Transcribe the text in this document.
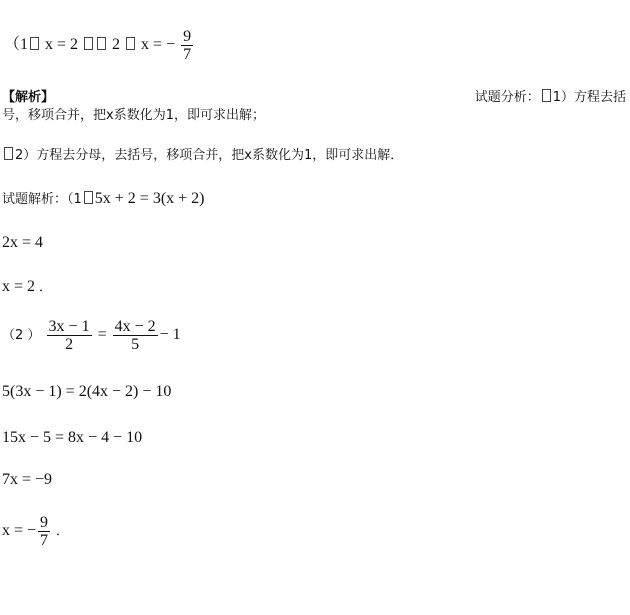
（1 x = 2 2 x = − $\frac{9}{7}$
【解析】	试题分析： 1）方程去括
号，移项合并，把x系数化为1，即可求出解；
2）方程去分母，去括号，移项合并，把x系数化为1，即可求出解．
试题解析：（1 5x + 2 = 3(x + 2)
2x = 4
x = 2 ．
（2 ） $\frac{3x - 1}{2} = \frac{4x - 2}{5} - 1$
5(3x − 1) = 2(4x − 2) − 10
15x − 5 = 8x − 4 − 10
7x = −9
x = − $\frac{9}{7}$ ．
